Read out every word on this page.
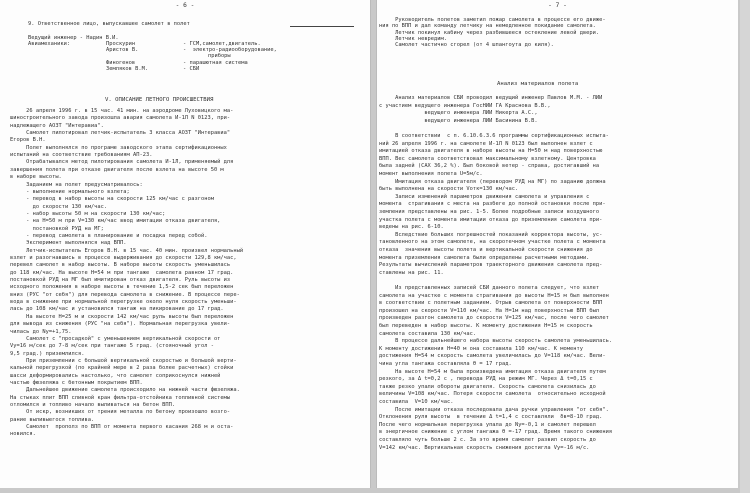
- 6 -
9. Ответственное лицо, выпускавшее самолет в полет
Ведущий инженер - Надин В.И.
Авиамеханики:	Проскурин	- ГСМ,самолет,двигатель.
Аристов В.	-  электро-радиооборудование,
приборы
Финогенов	- парашютная система
Земляков В.М.	- СБИ
V. ОПИСАНИЕ ЛЕТНОГО ПРОИСШЕСТВИЯ
26 апреля 1996 г. в 15 час. 41 мин. на аэродроме Луховицкого ма-
шиностроительного завода произошла авария самолета И-1Л N 0123, при-
надлежащего АОЗТ "Интеравиа".
Самолет пилотировал летчик-испытатель 3 класса АОЗТ "Интеравиа"
Егоров В.Н.
Полет выполнялся по програме заводского этапа сертификационных
испытаний на соответствие требованиям АП-23.
Отрабатывался метод пилотирования самолета И-1Л, применяемый для
завершения полета при отказе двигателя после взлета на высоте 50 м
в наборе высоты.
Заданием на полет предусматривалось:
- выполнение нормального взлета;
- перевод в набор высоты на скорости 125 км/час с разгоном
до скорости 130 км/час.
- набор высоты 50 м на скорости 130 км/час;
- на Н=50 м при V=130 км/час ввод имитации отказа двигателя,
постановкой РУД на МГ;
- перевод самолета в планирование и посадка перед собой.
Эксперимент выполнялся над ВПП.
Летчик-испытатель Егоров В.Н. в 15 час. 40 мин. произвел нормальный
взлет и разогнавшись в процессе выдерживания до скорости 129,8 км/час,
перевел самолет в набор высоты. В наборе высоты скорость уменьшилась
до 118 км/час. На высоте Н=54 м при тангаже  самолета равном 17 град.
постановкой РУД на МГ был имитирован отказ двигателя. Руль высоты из
исходного положения в наборе высоты в течение 1,5-2 сек был переложен
вниз (РУС "от себя") для перевода самолета в снижение. В процессе пере-
вода в снижение при нормальной перегрузке около нуля скорость уменьши-
лась до 108 км/час и установился тангаж на пикирование до 17 град.
На высоте Н=25 м и скорости 142 км/час руль высоты был переложен
для вывода из снижения (РУС "на себя"). Нормальная перегрузка увели-
чилась до Ny=+1,75.
Самолет с "просадкой" с уменьшением вертикальной скорости от
Vy=16 м/сек до 7-8 м/сек при тангаже 5 град. (стояночный угол -
9,5 град.) приземлился.
При приземлении с большой вертикальной скоростью и большой верти-
кальной перегрузкой (по крайней мере в 2 раза более расчетных) стойки
шасси деформировались настолько, что самолет соприкоснулся нижней
частью фюзеляжа с бетонным покрытием ВПП.
Дальнейшее движение самолета происходило на нижней части фюзеляжа.
На стыках плит ВПП сливной кран фильтра-отстойника топливной системы
отломился и топливо начало выливаться на бетон ВПП.
От искр, возникших от трения металла по бетону произошло возго-
рание выливыегося топлива.
Самолет  прополз по ВПП от момента первого касания 268 м и оста-
новился.
- 7 -
Руководитель полетов заметил пожар самолета в процессе его движе-
ния по ВПП и дал команду летчику на немедленное покидание самолета.
Летчик покинул кабину через разбившееся остекление левой двери.
Летчик невредим.
Самолет частично сгорел (от 4 шпангоута до киля).
Анализ материалов полета
Анализ материалов СБИ проводил ведущий инженер Павлов М.М. - ЛИИ
с участием ведущего инженера ГосНИИ ГА Краснова В.В.,
ведущего инженера ЛИИ Никерта А.С.,
ведущего инженера ЛИИ Басинина В.В.
В соответствии  с п. 6.10.6.3.6 программы сертификационных испыта-
ний 26 апреля 1996 г. на самолете И-1Л N 0123 был выполнен взлет с
имитацией отказа двигателя в наборе высоты на Н=50 м над поверхностью
ВПП. Вес самолета соответствовал максимальному взлетному. Центровка
была задней (САХ 36,2 %). Был боковой ветер - справа, достигавший на
момент выполнения полета U=5м/с.
Имитация отказа двигателя (переводом РУД на МГ) по заданию должна
быть выполнена на скорости Vотк=130 км/час.
Записи изменений параметров движения самолета и управления с
момента  страгивания с места на разбеге до полной остановки после при-
земления представлены на рис. 1-5. Более подробные записи воздушного
участка полета с момента имитации отказа до приземления самолета при-
ведены на рис. 6-10.
Вследствие больших погрешностей показаний корректора высоты, ус-
тановленного на этом самолете, на скоротечном участке полета с момента
отказа  значения высоты полета и вертикальной скорости снижения до
момента приземления самолета были определены расчетными методами.
Результаты вычислений параметров траекторного движения самолета пред-
ставлены на рис. 11.
Из представленных записей СБИ данного полета следует, что взлет
самолета на участке с момента страгивания до высоты Н=15 м был выполнен
в соответствии с полетным заданием. Отрыв самолета от поверхности ВПП
произошел на скорости V=110 км/час. На Н=1м над поверхностью ВПП был
произведен разгон самолета до скорости V=125 км/час, после чего самолет
был переведен в набор высоты. К моменту достижения Н=15 м скорость
самолета составила 130 км/час.
В процессе дальнейшего набора высоты скорость самолета уменьшилась.
К моменту достижения Н=40 м она составила 110 км/час. К моменту
достижения Н=54 м скорость самолета увеличилась до V=118 км/час. Вели-
чина угла тангажа составляла θ = 17 град.
На высоте Н=54 м была произведена имитация отказа двигателя путем
резкого, за Δ t=0,2 с , перевода РУД на режим МГ. Через Δ t=0,15 с
также резко упали обороты двигателя. Скорость самолета снизилась до
величины V=108 км/час. Потеря скорости самолета  относительно исходной
составила  V=10 км/час.
После имитации отказа последовала дача ручки управления "от себя".
Отклонения руля высоты  в течение Δ t=1,4 с составляли  δв=8-10 град.
После чего нормальная перегрузка упала до Ny=-0,1 и самолет перешел
в энергичное снижение с углом тангажа θ =-17 град. Время такого снижения
составляло чуть больше 2 с. За это время самолет развил скорость до
V=142 км/час. Вертикальная скорость снижения достигла Vy=-16 м/с.
